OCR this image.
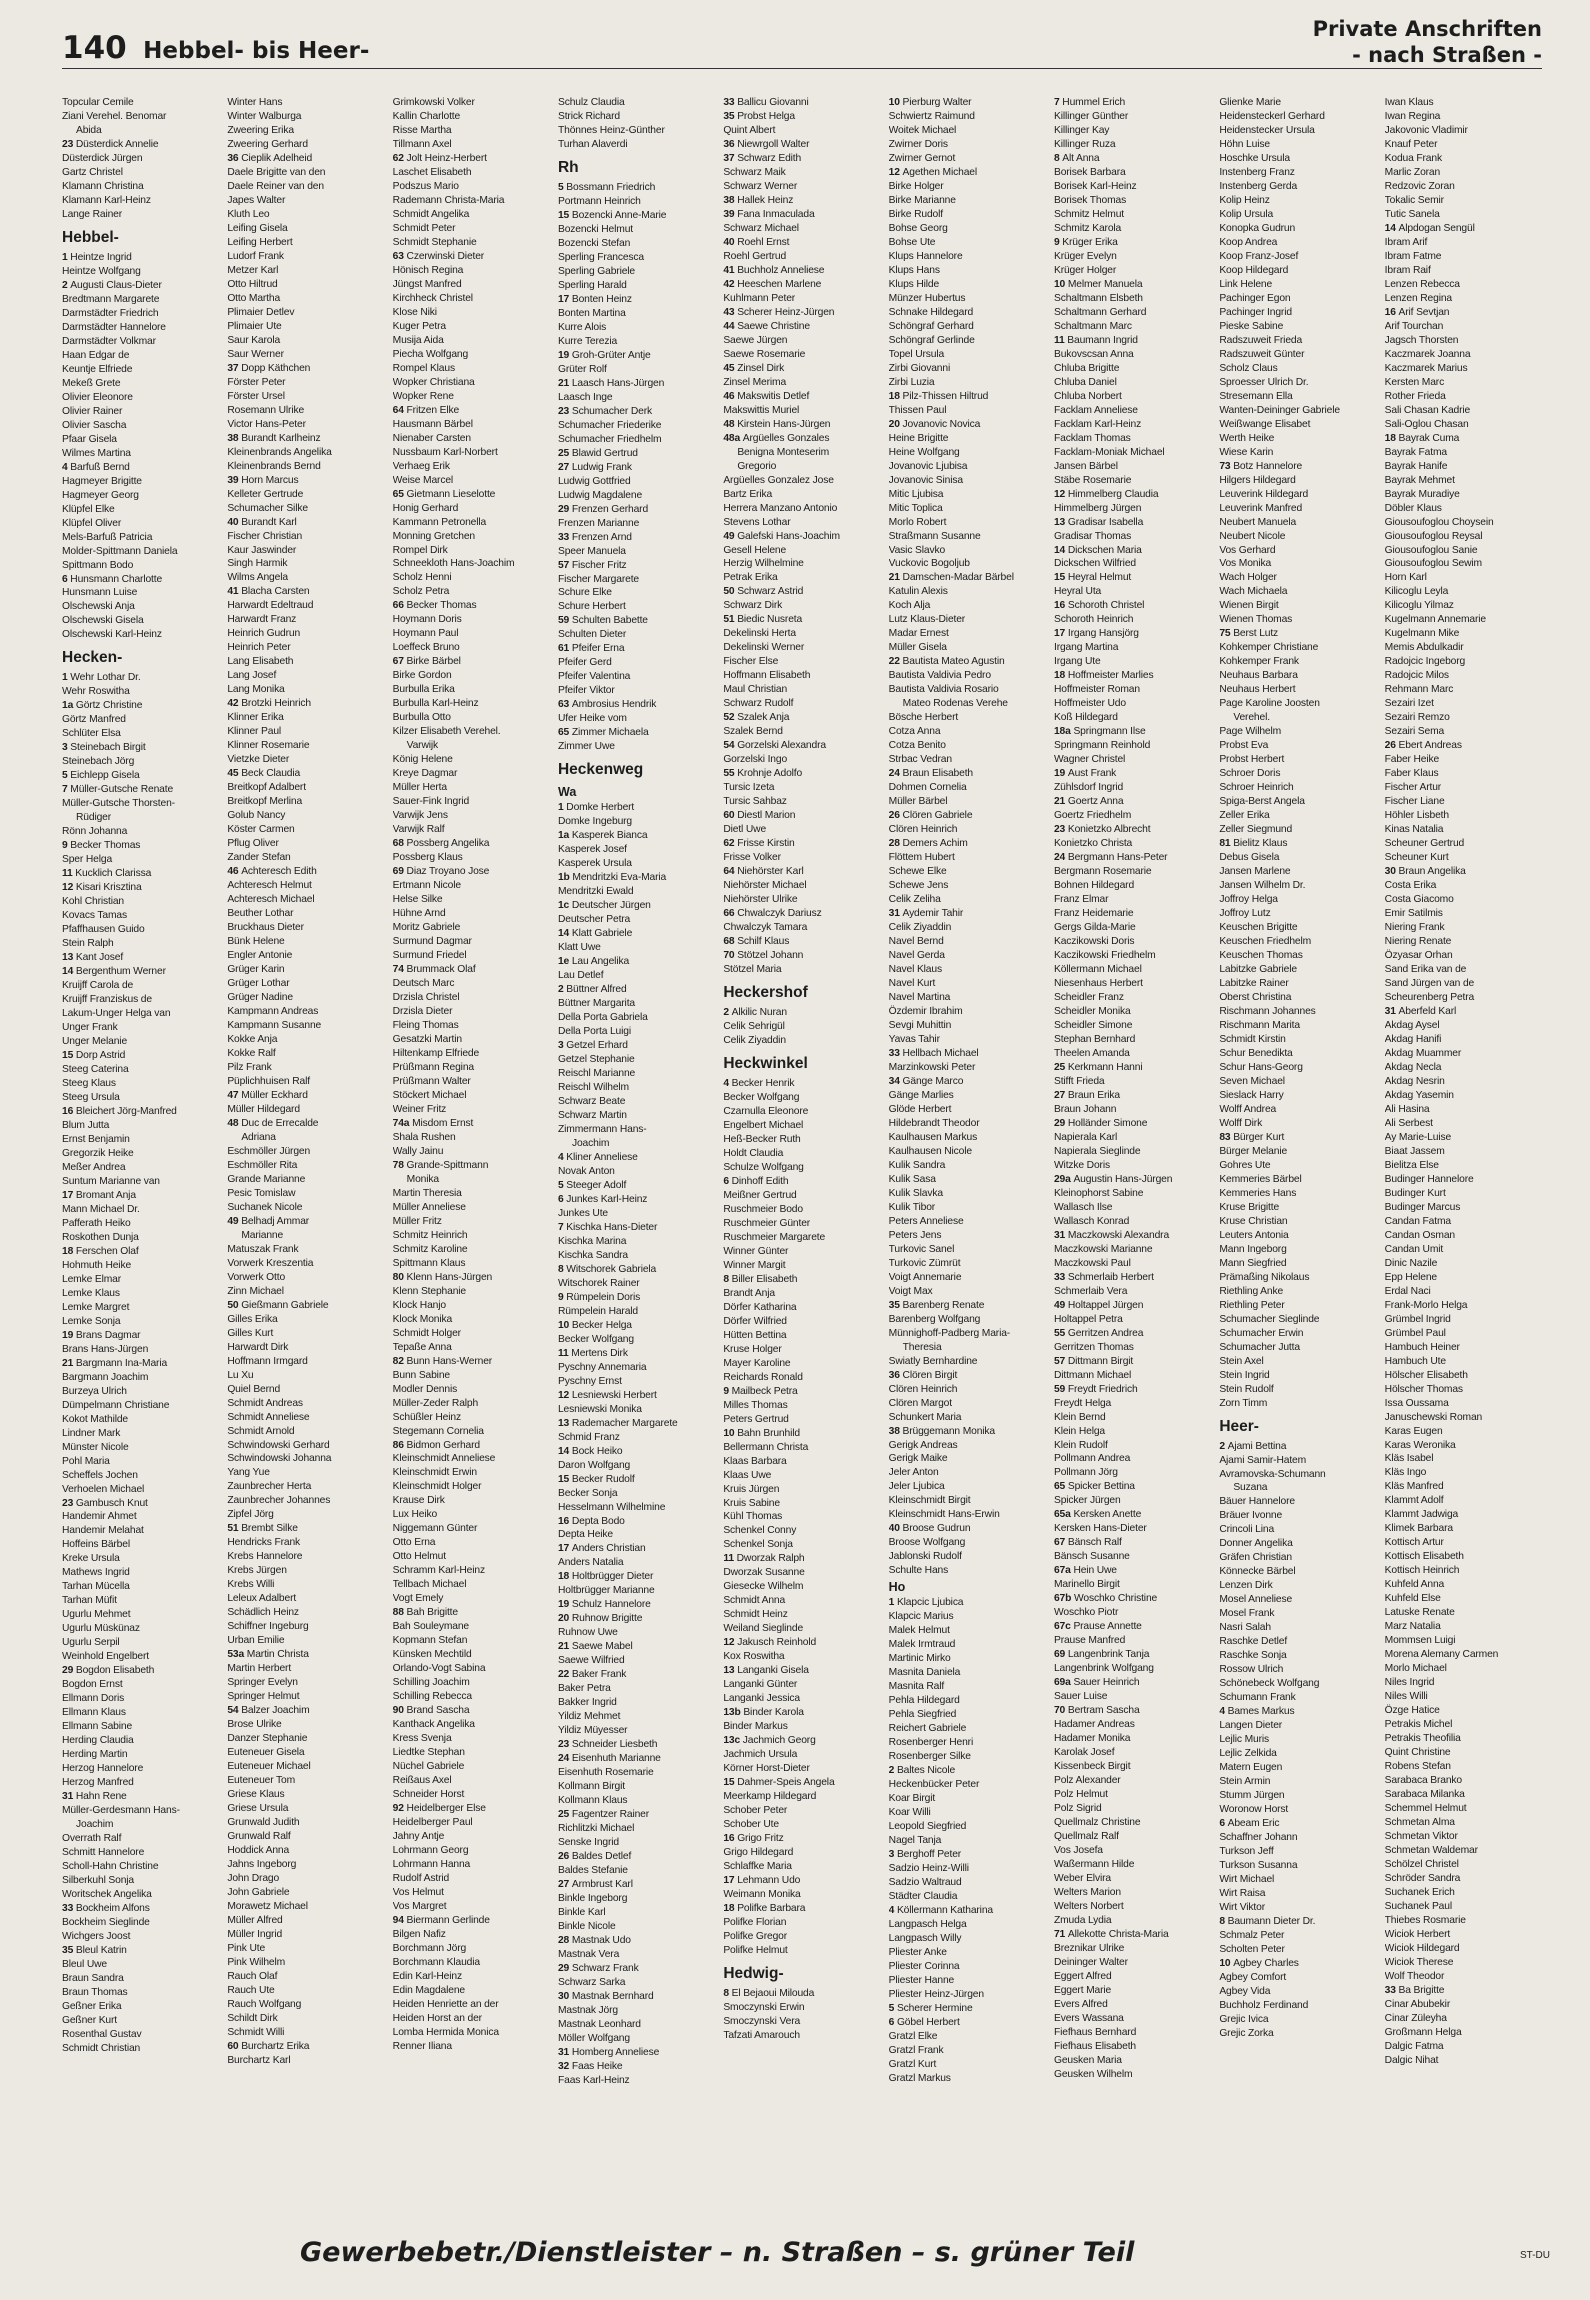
140 Hebbel- bis Heer-
Private Anschriften
- nach Straßen -
Topcular Cemile
Ziani Verehel. Benomar
Abida
23 Düsterdick Annelie
Düsterdick Jürgen
Gartz Christel
Klamann Christina
Klamann Karl-Heinz
Lange Rainer
Hebbel-
1 Heintze Ingrid
Heintze Wolfgang
2 Augusti Claus-Dieter
Bredtmann Margarete
Darmstädter Friedrich
Darmstädter Hannelore
Darmstädter Volkmar
Haan Edgar de
Keuntje Elfriede
Mekeß Grete
Olivier Eleonore
Olivier Rainer
Olivier Sascha
Pfaar Gisela
Wilmes Martina
4 Barfuß Bernd
Hagmeyer Brigitte
Hagmeyer Georg
Klüpfel Elke
Klüpfel Oliver
Mels-Barfuß Patricia
Molder-Spittmann Daniela
Spittmann Bodo
6 Hunsmann Charlotte
Hunsmann Luise
Olschewski Anja
Olschewski Gisela
Olschewski Karl-Heinz
Hecken-
1 Wehr Lothar Dr.
Wehr Roswitha
1a Görtz Christine
Görtz Manfred
Schlüter Elsa
3 Steinebach Birgit
Steinebach Jörg
5 Eichlepp Gisela
7 Müller-Gutsche Renate
Müller-Gutsche Thorsten-
Rüdiger
Rönn Johanna
9 Becker Thomas
Sper Helga
11 Kucklich Clarissa
12 Kisari Krisztina
Kohl Christian
Kovacs Tamas
Pfaffhausen Guido
Stein Ralph
13 Kant Josef
14 Bergenthum Werner
Kruijff Carola de
Kruijff Franziskus de
Lakum-Unger Helga van
Unger Frank
Unger Melanie
15 Dorp Astrid
Steeg Caterina
Steeg Klaus
Steeg Ursula
16 Bleichert Jörg-Manfred
Blum Jutta
Ernst Benjamin
Gregorzik Heike
Meßer Andrea
Suntum Marianne van
17 Bromant Anja
Mann Michael Dr.
Pafferath Heiko
Roskothen Dunja
18 Ferschen Olaf
Hohmuth Heike
Lemke Elmar
Lemke Klaus
Lemke Margret
Lemke Sonja
19 Brans Dagmar
Brans Hans-Jürgen
21 Bargmann Ina-Maria
Bargmann Joachim
Burzeya Ulrich
Dümpelmann Christiane
Kokot Mathilde
Lindner Mark
Münster Nicole
Pohl Maria
Scheffels Jochen
Verhoelen Michael
23 Gambusch Knut
Handemir Ahmet
Handemir Melahat
Hoffeins Bärbel
Kreke Ursula
Mathews Ingrid
Tarhan Mücella
Tarhan Müfit
Ugurlu Mehmet
Ugurlu Müskünaz
Ugurlu Serpil
Weinhold Engelbert
29 Bogdon Elisabeth
Bogdon Ernst
Ellmann Doris
Ellmann Klaus
Ellmann Sabine
Herding Claudia
Herding Martin
Herzog Hannelore
Herzog Manfred
31 Hahn Rene
Müller-Gerdesmann Hans-
Joachim
Overrath Ralf
Schmitt Hannelore
Scholl-Hahn Christine
Silberkuhl Sonja
Woritschek Angelika
33 Bockheim Alfons
Bockheim Sieglinde
Wichgers Joost
35 Bleul Katrin
Bleul Uwe
Braun Sandra
Braun Thomas
Geßner Erika
Geßner Kurt
Rosenthal Gustav
Schmidt Christian
Winter Hans
Winter Walburga
Zweering Erika
Zweering Gerhard
36 Cieplik Adelheid
Daele Brigitte van den
Daele Reiner van den
Japes Walter
Kluth Leo
Leifing Gisela
Leifing Herbert
Ludorf Frank
Metzer Karl
Otto Hiltrud
Otto Martha
Plimaier Detlev
Plimaier Ute
Saur Karola
Saur Werner
37 Dopp Käthchen
Förster Peter
Förster Ursel
Rosemann Ulrike
Victor Hans-Peter
38 Burandt Karlheinz
Kleinenbrands Angelika
Kleinenbrands Bernd
39 Horn Marcus
Kelleter Gertrude
Schumacher Silke
40 Burandt Karl
Fischer Christian
Kaur Jaswinder
Singh Harmik
Wilms Angela
41 Blacha Carsten
Harwardt Edeltraud
Harwardt Franz
Heinrich Gudrun
Heinrich Peter
Lang Elisabeth
Lang Josef
Lang Monika
42 Brotzki Heinrich
Klinner Erika
Klinner Paul
Klinner Rosemarie
Vietzke Dieter
45 Beck Claudia
Breitkopf Adalbert
Breitkopf Merlina
Golub Nancy
Köster Carmen
Pflug Oliver
Zander Stefan
46 Achteresch Edith
Achteresch Helmut
Achteresch Michael
Beuther Lothar
Bruckhaus Dieter
Bünk Helene
Engler Antonie
Grüger Karin
Grüger Lothar
Grüger Nadine
Kampmann Andreas
Kampmann Susanne
Kokke Anja
Kokke Ralf
Pilz Frank
Püplichhuisen Ralf
47 Müller Eckhard
Müller Hildegard
48 Duc de Errecalde
Adriana
Eschmöller Jürgen
Eschmöller Rita
Grande Marianne
Pesic Tomislaw
Suchanek Nicole
49 Belhadj Ammar
Marianne
Matuszak Frank
Vorwerk Kreszentia
Vorwerk Otto
Zinn Michael
50 Gießmann Gabriele
Gilles Erika
Gilles Kurt
Harwardt Dirk
Hoffmann Irmgard
Lu Xu
Quiel Bernd
Schmidt Andreas
Schmidt Anneliese
Schmidt Arnold
Schwindowski Gerhard
Schwindowski Johanna
Yang Yue
Zaunbrecher Herta
Zaunbrecher Johannes
Zipfel Jörg
51 Brembt Silke
Hendricks Frank
Krebs Hannelore
Krebs Jürgen
Krebs Willi
Leleux Adalbert
Schädlich Heinz
Schiffner Ingeburg
Urban Emilie
53a Martin Christa
Martin Herbert
Springer Evelyn
Springer Helmut
54 Balzer Joachim
Brose Ulrike
Danzer Stephanie
Euteneuer Gisela
Euteneuer Michael
Euteneuer Tom
Griese Klaus
Griese Ursula
Grunwald Judith
Grunwald Ralf
Hoddick Anna
Jahns Ingeborg
John Drago
John Gabriele
Morawetz Michael
Müller Alfred
Müller Ingrid
Pink Ute
Pink Wilhelm
Rauch Olaf
Rauch Ute
Rauch Wolfgang
Schildt Dirk
Schmidt Willi
60 Burchartz Erika
Burchartz Karl
Grimkowski Volker
Kallin Charlotte
Risse Martha
Tillmann Axel
62 Jolt Heinz-Herbert
Laschet Elisabeth
Podszus Mario
Rademann Christa-Maria
Schmidt Angelika
Schmidt Peter
Schmidt Stephanie
63 Czerwinski Dieter
Hönisch Regina
Jüngst Manfred
Kirchheck Christel
Klose Niki
Kuger Petra
Musija Aida
Piecha Wolfgang
Rompel Klaus
Wopker Christiana
Wopker Rene
64 Fritzen Elke
Hausmann Bärbel
Nienaber Carsten
Nussbaum Karl-Norbert
Verhaeg Erik
Weise Marcel
65 Gietmann Lieselotte
Honig Gerhard
Kammann Petronella
Monning Gretchen
Rompel Dirk
Schneekloth Hans-Joachim
Scholz Henni
Scholz Petra
66 Becker Thomas
Hoymann Doris
Hoymann Paul
Loeffeck Bruno
67 Birke Bärbel
Birke Gordon
Burbulla Erika
Burbulla Karl-Heinz
Burbulla Otto
Kilzer Elisabeth Verehel.
Varwijk
König Helene
Kreye Dagmar
Müller Herta
Sauer-Fink Ingrid
Varwijk Jens
Varwijk Ralf
68 Possberg Angelika
Possberg Klaus
69 Diaz Troyano Jose
Ertmann Nicole
Helse Silke
Hühne Arnd
Moritz Gabriele
Surmund Dagmar
Surmund Friedel
74 Brummack Olaf
Deutsch Marc
Drzisla Christel
Drzisla Dieter
Fleing Thomas
Gesatzki Martin
Hiltenkamp Elfriede
Prüßmann Regina
Prüßmann Walter
Stöckert Michael
Weiner Fritz
74a Misdom Ernst
Shala Rushen
Wally Jainu
78 Grande-Spittmann
Monika
Martin Theresia
Müller Anneliese
Müller Fritz
Schmitz Heinrich
Schmitz Karoline
Spittmann Klaus
80 Klenn Hans-Jürgen
Klenn Stephanie
Klock Hanjo
Klock Monika
Schmidt Holger
Tepaße Anna
82 Bunn Hans-Werner
Bunn Sabine
Modler Dennis
Müller-Zeder Ralph
Schüßler Heinz
Stegemann Cornelia
86 Bidmon Gerhard
Kleinschmidt Anneliese
Kleinschmidt Erwin
Kleinschmidt Holger
Krause Dirk
Lux Heiko
Niggemann Günter
Otto Erna
Otto Helmut
Schramm Karl-Heinz
Tellbach Michael
Vogt Emely
88 Bah Brigitte
Bah Souleymane
Kopmann Stefan
Künsken Mechtild
Orlando-Vogt Sabina
Schilling Joachim
Schilling Rebecca
90 Brand Sascha
Kanthack Angelika
Kress Svenja
Liedtke Stephan
Nüchel Gabriele
Reißaus Axel
Schneider Horst
92 Heidelberger Else
Heidelberger Paul
Jahny Antje
Lohrmann Georg
Lohrmann Hanna
Rudolf Astrid
Vos Helmut
Vos Margret
94 Biermann Gerlinde
Bilgen Nafiz
Borchmann Jörg
Borchmann Klaudia
Edin Karl-Heinz
Edin Magdalene
Heiden Henriette an der
Heiden Horst an der
Lomba Hermida Monica
Renner Iliana
Schulz Claudia
Strick Richard
Thönnes Heinz-Günther
Turhan Alaverdi
Rh
5 Bossmann Friedrich
Portmann Heinrich
15 Bozencki Anne-Marie
Bozencki Helmut
Bozencki Stefan
Sperling Francesca
Sperling Gabriele
Sperling Harald
17 Bonten Heinz
Bonten Martina
Kurre Alois
Kurre Terezia
19 Groh-Grüter Antje
Grüter Rolf
21 Laasch Hans-Jürgen
Laasch Inge
23 Schumacher Derk
Schumacher Friederike
Schumacher Friedhelm
25 Blawid Gertrud
27 Ludwig Frank
Ludwig Gottfried
Ludwig Magdalene
29 Frenzen Gerhard
Frenzen Marianne
33 Frenzen Arnd
Speer Manuela
57 Fischer Fritz
Fischer Margarete
Schure Elke
Schure Herbert
59 Schulten Babette
Schulten Dieter
61 Pfeifer Erna
Pfeifer Gerd
Pfeifer Valentina
Pfeifer Viktor
63 Ambrosius Hendrik
Ufer Heike vom
65 Zimmer Michaela
Zimmer Uwe
Heckenweg
Wa
1 Domke Herbert
Domke Ingeburg
1a Kasperek Bianca
Kasperek Josef
Kasperek Ursula
1b Mendritzki Eva-Maria
Mendritzki Ewald
1c Deutscher Jürgen
Deutscher Petra
14 Klatt Gabriele
Klatt Uwe
1e Lau Angelika
Lau Detlef
2 Büttner Alfred
Büttner Margarita
Della Porta Gabriela
Della Porta Luigi
3 Getzel Erhard
Getzel Stephanie
Reischl Marianne
Reischl Wilhelm
Schwarz Beate
Schwarz Martin
Zimmermann Hans-
Joachim
4 Kliner Anneliese
Novak Anton
5 Steeger Adolf
6 Junkes Karl-Heinz
Junkes Ute
7 Kischka Hans-Dieter
Kischka Marina
Kischka Sandra
8 Witschorek Gabriela
Witschorek Rainer
9 Rümpelein Doris
Rümpelein Harald
10 Becker Helga
Becker Wolfgang
11 Mertens Dirk
Pyschny Annemaria
Pyschny Ernst
12 Lesniewski Herbert
Lesniewski Monika
13 Rademacher Margarete
Schmid Franz
14 Bock Heiko
Daron Wolfgang
15 Becker Rudolf
Becker Sonja
Hesselmann Wilhelmine
16 Depta Bodo
Depta Heike
17 Anders Christian
Anders Natalia
18 Holtbrügger Dieter
Holtbrügger Marianne
19 Schulz Hannelore
20 Ruhnow Brigitte
Ruhnow Uwe
21 Saewe Mabel
Saewe Wilfried
22 Baker Frank
Baker Petra
Bakker Ingrid
Yildiz Mehmet
Yildiz Müyesser
23 Schneider Liesbeth
24 Eisenhuth Marianne
Eisenhuth Rosemarie
Kollmann Birgit
Kollmann Klaus
25 Fagentzer Rainer
Richlitzki Michael
Senske Ingrid
26 Baldes Detlef
Baldes Stefanie
27 Armbrust Karl
Binkle Ingeborg
Binkle Karl
Binkle Nicole
28 Mastnak Udo
Mastnak Vera
29 Schwarz Frank
Schwarz Sarka
30 Mastnak Bernhard
Mastnak Jörg
Mastnak Leonhard
Möller Wolfgang
31 Homberg Anneliese
32 Faas Heike
Faas Karl-Heinz
33 Ballicu Giovanni
35 Probst Helga
Quint Albert
36 Niewrgoll Walter
37 Schwarz Edith
Schwarz Maik
Schwarz Werner
38 Hallek Heinz
39 Fana Inmaculada
Schwarz Michael
40 Roehl Ernst
Roehl Gertrud
41 Buchholz Anneliese
42 Heeschen Marlene
Kuhlmann Peter
43 Scherer Heinz-Jürgen
44 Saewe Christine
Saewe Jürgen
Saewe Rosemarie
45 Zinsel Dirk
Zinsel Merima
46 Makswitis Detlef
Makswittis Muriel
48 Kirstein Hans-Jürgen
48a Argüelles Gonzales
Benigna Monteserim
Gregorio
Argüelles Gonzalez Jose
Bartz Erika
Herrera Manzano Antonio
Stevens Lothar
49 Galefski Hans-Joachim
Gesell Helene
Herzig Wilhelmine
Petrak Erika
50 Schwarz Astrid
Schwarz Dirk
51 Biedic Nusreta
Dekelinski Herta
Dekelinski Werner
Fischer Else
Hoffmann Elisabeth
Maul Christian
Schwarz Rudolf
52 Szalek Anja
Szalek Bernd
54 Gorzelski Alexandra
Gorzelski Ingo
55 Krohnje Adolfo
Tursic Izeta
Tursic Sahbaz
60 Diestl Marion
Dietl Uwe
62 Frisse Kirstin
Frisse Volker
64 Niehörster Karl
Niehörster Michael
Niehörster Ulrike
66 Chwalczyk Dariusz
Chwalczyk Tamara
68 Schilf Klaus
70 Stötzel Johann
Stötzel Maria
Heckershof
2 Alkilic Nuran
Celik Sehrigül
Celik Ziyaddin
Heckwinkel
4 Becker Henrik
Becker Wolfgang
Czarnulla Eleonore
Engelbert Michael
Heß-Becker Ruth
Holdt Claudia
Schulze Wolfgang
6 Dinhoff Edith
Meißner Gertrud
Ruschmeier Bodo
Ruschmeier Günter
Ruschmeier Margarete
Winner Günter
Winner Margit
8 Biller Elisabeth
Brandt Anja
Dörfer Katharina
Dörfer Wilfried
Hütten Bettina
Kruse Holger
Mayer Karoline
Reichards Ronald
9 Mailbeck Petra
Milles Thomas
Peters Gertrud
10 Bahn Brunhild
Bellermann Christa
Klaas Barbara
Klaas Uwe
Kruis Jürgen
Kruis Sabine
Kühl Thomas
Schenkel Conny
Schenkel Sonja
11 Dworzak Ralph
Dworzak Susanne
Giesecke Wilhelm
Schmidt Anna
Schmidt Heinz
Weiland Sieglinde
12 Jakusch Reinhold
Kox Roswitha
13 Langanki Gisela
Langanki Günter
Langanki Jessica
13b Binder Karola
Binder Markus
13c Jachmich Georg
Jachmich Ursula
Körner Horst-Dieter
15 Dahmer-Speis Angela
Meerkamp Hildegard
Schober Peter
Schober Ute
16 Grigo Fritz
Grigo Hildegard
Schlaffke Maria
17 Lehmann Udo
Weimann Monika
18 Polifke Barbara
Polifke Florian
Polifke Gregor
Polifke Helmut
Hedwig-
8 El Bejaoui Milouda
Smoczynski Erwin
Smoczynski Vera
Tafzati Amarouch
10 Pierburg Walter
Schwiertz Raimund
Woitek Michael
Zwirner Doris
Zwirner Gernot
12 Agethen Michael
Birke Holger
Birke Marianne
Birke Rudolf
Bohse Georg
Bohse Ute
Klups Hannelore
Klups Hans
Klups Hilde
Münzer Hubertus
Schnake Hildegard
Schöngraf Gerhard
Schöngraf Gerlinde
Topel Ursula
Zirbi Giovanni
Zirbi Luzia
18 Pilz-Thissen Hiltrud
Thissen Paul
20 Jovanovic Novica
Heine Brigitte
Heine Wolfgang
Jovanovic Ljubisa
Jovanovic Sinisa
Mitic Ljubisa
Mitic Toplica
Morlo Robert
Straßmann Susanne
Vasic Slavko
Vuckovic Bogoljub
21 Damschen-Madar Bärbel
Katulin Alexis
Koch Alja
Lutz Klaus-Dieter
Madar Ernest
Müller Gisela
22 Bautista Mateo Agustin
Bautista Valdivia Pedro
Bautista Valdivia Rosario
Mateo Rodenas Verehe
Bösche Herbert
Cotza Anna
Cotza Benito
Strbac Vedran
24 Braun Elisabeth
Dohmen Cornelia
Müller Bärbel
26 Clören Gabriele
Clören Heinrich
28 Demers Achim
Flöttem Hubert
Schewe Elke
Schewe Jens
Celik Zeliha
31 Aydemir Tahir
Celik Ziyaddin
Navel Bernd
Navel Gerda
Navel Klaus
Navel Kurt
Navel Martina
Özdemir Ibrahim
Sevgi Muhittin
Yavas Tahir
33 Hellbach Michael
Marzinkowski Peter
34 Gänge Marco
Gänge Marlies
Glöde Herbert
Hildebrandt Theodor
Kaulhausen Markus
Kaulhausen Nicole
Kulik Sandra
Kulik Sasa
Kulik Slavka
Kulik Tibor
Peters Anneliese
Peters Jens
Turkovic Sanel
Turkovic Zümrüt
Voigt Annemarie
Voigt Max
35 Barenberg Renate
Barenberg Wolfgang
Münnighoff-Padberg Maria-
Theresia
Swiatly Bernhardine
36 Clören Birgit
Clören Heinrich
Clören Margot
Schunkert Maria
38 Brüggemann Monika
Gerigk Andreas
Gerigk Maike
Jeler Anton
Jeler Ljubica
Kleinschmidt Birgit
Kleinschmidt Hans-Erwin
40 Broose Gudrun
Broose Wolfgang
Jablonski Rudolf
Schulte Hans
Ho
1 Klapcic Ljubica
Klapcic Marius
Malek Helmut
Malek Irmtraud
Martinic Mirko
Masnita Daniela
Masnita Ralf
Pehla Hildegard
Pehla Siegfried
Reichert Gabriele
Rosenberger Henri
Rosenberger Silke
2 Baltes Nicole
Heckenbücker Peter
Koar Birgit
Koar Willi
Leopold Siegfried
Nagel Tanja
3 Berghoff Peter
Sadzio Heinz-Willi
Sadzio Waltraud
Städter Claudia
4 Köllermann Katharina
Langpasch Helga
Langpasch Willy
Pliester Anke
Pliester Corinna
Pliester Hanne
Pliester Heinz-Jürgen
5 Scherer Hermine
6 Göbel Herbert
Gratzl Elke
Gratzl Frank
Gratzl Kurt
Gratzl Markus
7 Hummel Erich
Killinger Günther
Killinger Kay
Killinger Ruza
8 Alt Anna
Borisek Barbara
Borisek Karl-Heinz
Borisek Thomas
Schmitz Helmut
Schmitz Karola
9 Krüger Erika
Krüger Evelyn
Krüger Holger
10 Melmer Manuela
Schaltmann Elsbeth
Schaltmann Gerhard
Schaltmann Marc
11 Baumann Ingrid
Bukovscsan Anna
Chluba Brigitte
Chluba Daniel
Chluba Norbert
Facklam Anneliese
Facklam Karl-Heinz
Facklam Thomas
Facklam-Moniak Michael
Jansen Bärbel
Stäbe Rosemarie
12 Himmelberg Claudia
Himmelberg Jürgen
13 Gradisar Isabella
Gradisar Thomas
14 Dickschen Maria
Dickschen Wilfried
15 Heyral Helmut
Heyral Uta
16 Schoroth Christel
Schoroth Heinrich
17 Irgang Hansjörg
Irgang Martina
Irgang Ute
18 Hoffmeister Marlies
Hoffmeister Roman
Hoffmeister Udo
Koß Hildegard
18a Springmann Ilse
Springmann Reinhold
Wagner Christel
19 Aust Frank
Zühlsdorf Ingrid
21 Goertz Anna
Goertz Friedhelm
23 Konietzko Albrecht
Konietzko Christa
24 Bergmann Hans-Peter
Bergmann Rosemarie
Bohnen Hildegard
Franz Elmar
Franz Heidemarie
Gergs Gilda-Marie
Kaczikowski Doris
Kaczikowski Friedhelm
Köllermann Michael
Niesenhaus Herbert
Scheidler Franz
Scheidler Monika
Scheidler Simone
Stephan Bernhard
Theelen Amanda
25 Kerkmann Hanni
Stifft Frieda
27 Braun Erika
Braun Johann
29 Holländer Simone
Napierala Karl
Napierala Sieglinde
Witzke Doris
29a Augustin Hans-Jürgen
Kleinophorst Sabine
Wallasch Ilse
Wallasch Konrad
31 Maczkowski Alexandra
Maczkowski Marianne
Maczkowski Paul
33 Schmerlaib Herbert
Schmerlaib Vera
49 Holtappel Jürgen
Holtappel Petra
55 Gerritzen Andrea
Gerritzen Thomas
57 Dittmann Birgit
Dittmann Michael
59 Freydt Friedrich
Freydt Helga
Klein Bernd
Klein Helga
Klein Rudolf
Pollmann Andrea
Pollmann Jörg
65 Spicker Bettina
Spicker Jürgen
65a Kersken Anette
Kersken Hans-Dieter
67 Bänsch Ralf
Bänsch Susanne
67a Hein Uwe
Marinello Birgit
67b Woschko Christine
Woschko Piotr
67c Prause Annette
Prause Manfred
69 Langenbrink Tanja
Langenbrink Wolfgang
69a Sauer Heinrich
Sauer Luise
70 Bertram Sascha
Hadamer Andreas
Hadamer Monika
Karolak Josef
Kissenbeck Birgit
Polz Alexander
Polz Helmut
Polz Sigrid
Quellmalz Christine
Quellmalz Ralf
Vos Josefa
Waßermann Hilde
Weber Elvira
Welters Marion
Welters Norbert
Zmuda Lydia
71 Allekotte Christa-Maria
Breznikar Ulrike
Deininger Walter
Eggert Alfred
Eggert Marie
Evers Alfred
Evers Wassana
Fiefhaus Bernhard
Fiefhaus Elisabeth
Geusken Maria
Geusken Wilhelm
Glienke Marie
Heidensteckerl Gerhard
Heidenstecker Ursula
Höhn Luise
Hoschke Ursula
Instenberg Franz
Instenberg Gerda
Kolip Heinz
Kolip Ursula
Konopka Gudrun
Koop Andrea
Koop Franz-Josef
Koop Hildegard
Link Helene
Pachinger Egon
Pachinger Ingrid
Pieske Sabine
Radszuweit Frieda
Radszuweit Günter
Scholz Claus
Sproesser Ulrich Dr.
Stresemann Ella
Wanten-Deininger Gabriele
Weißwange Elisabet
Werth Heike
Wiese Karin
73 Botz Hannelore
Hilgers Hildegard
Leuverink Hildegard
Leuverink Manfred
Neubert Manuela
Neubert Nicole
Vos Gerhard
Vos Monika
Wach Holger
Wach Michaela
Wienen Birgit
Wienen Thomas
75 Berst Lutz
Kohkemper Christiane
Kohkemper Frank
Neuhaus Barbara
Neuhaus Herbert
Page Karoline Joosten
Verehel.
Page Wilhelm
Probst Eva
Probst Herbert
Schroer Doris
Schroer Heinrich
Spiga-Berst Angela
Zeller Erika
Zeller Siegmund
81 Bielitz Klaus
Debus Gisela
Jansen Marlene
Jansen Wilhelm Dr.
Joffroy Helga
Joffroy Lutz
Keuschen Brigitte
Keuschen Friedhelm
Keuschen Thomas
Labitzke Gabriele
Labitzke Rainer
Oberst Christina
Rischmann Johannes
Rischmann Marita
Schmidt Kirstin
Schur Benedikta
Schur Hans-Georg
Seven Michael
Sieslack Harry
Wolff Andrea
Wolff Dirk
83 Bürger Kurt
Bürger Melanie
Gohres Ute
Kemmeries Bärbel
Kemmeries Hans
Kruse Brigitte
Kruse Christian
Leuters Antonia
Mann Ingeborg
Mann Siegfried
Prämaßing Nikolaus
Riethling Anke
Riethling Peter
Schumacher Sieglinde
Schumacher Erwin
Schumacher Jutta
Stein Axel
Stein Ingrid
Stein Rudolf
Zorn Timm
Heer-
2 Ajami Bettina
Ajami Samir-Hatem
Avramovska-Schumann
Suzana
Bäuer Hannelore
Bräuer Ivonne
Crincoli Lina
Donner Angelika
Gräfen Christian
Könnecke Bärbel
Lenzen Dirk
Mosel Anneliese
Mosel Frank
Nasri Salah
Raschke Detlef
Raschke Sonja
Rossow Ulrich
Schönebeck Wolfgang
Schumann Frank
4 Bames Markus
Langen Dieter
Lejlic Muris
Lejlic Zelkida
Matern Eugen
Stein Armin
Stumm Jürgen
Woronow Horst
6 Abeam Eric
Schaffner Johann
Turkson Jeff
Turkson Susanna
Wirt Michael
Wirt Raisa
Wirt Viktor
8 Baumann Dieter Dr.
Schmalz Peter
Scholten Peter
10 Agbey Charles
Agbey Comfort
Agbey Vida
Buchholz Ferdinand
Grejic Ivica
Grejic Zorka
Iwan Klaus
Iwan Regina
Jakovonic Vladimir
Knauf Peter
Kodua Frank
Marlic Zoran
Redzovic Zoran
Tokalic Semir
Tutic Sanela
14 Alpdogan Sengül
Ibram Arif
Ibram Fatme
Ibram Raif
Lenzen Rebecca
Lenzen Regina
16 Arif Sevtjan
Arif Tourchan
Jagsch Thorsten
Kaczmarek Joanna
Kaczmarek Marius
Kersten Marc
Rother Frieda
Sali Chasan Kadrie
Sali-Oglou Chasan
18 Bayrak Cuma
Bayrak Fatma
Bayrak Hanife
Bayrak Mehmet
Bayrak Muradiye
Döbler Klaus
Giousoufoglou Choysein
Giousoufoglou Reysal
Giousoufoglou Sanie
Giousoufoglou Sewim
Horn Karl
Kilicoglu Leyla
Kilicoglu Yilmaz
Kugelmann Annemarie
Kugelmann Mike
Memis Abdulkadir
Radojcic Ingeborg
Radojcic Milos
Rehmann Marc
Sezairi Izet
Sezairi Remzo
Sezairi Sema
26 Ebert Andreas
Faber Heike
Faber Klaus
Fischer Artur
Fischer Liane
Höhler Lisbeth
Kinas Natalia
Scheuner Gertrud
Scheuner Kurt
30 Braun Angelika
Costa Erika
Costa Giacomo
Emir Satilmis
Niering Frank
Niering Renate
Özyasar Orhan
Sand Erika van de
Sand Jürgen van de
Scheurenberg Petra
31 Aberfeld Karl
Akdag Aysel
Akdag Hanifi
Akdag Muammer
Akdag Necla
Akdag Nesrin
Akdag Yasemin
Ali Hasina
Ali Serbest
Ay Marie-Luise
Biaat Jassem
Bielitza Else
Budinger Hannelore
Budinger Kurt
Budinger Marcus
Candan Fatma
Candan Osman
Candan Umit
Dinic Nazile
Epp Helene
Erdal Naci
Frank-Morlo Helga
Grümbel Ingrid
Grümbel Paul
Hambuch Heiner
Hambuch Ute
Hölscher Elisabeth
Hölscher Thomas
Issa Oussama
Januschewski Roman
Karas Eugen
Karas Weronika
Kläs Isabel
Kläs Ingo
Kläs Manfred
Klammt Adolf
Klammt Jadwiga
Klimek Barbara
Kottisch Artur
Kottisch Elisabeth
Kottisch Heinrich
Kuhfeld Anna
Kuhfeld Else
Latuske Renate
Marz Natalia
Mommsen Luigi
Morena Alemany Carmen
Morlo Michael
Niles Ingrid
Niles Willi
Özge Hatice
Petrakis Michel
Petrakis Theofilia
Quint Christine
Robens Stefan
Sarabaca Branko
Sarabaca Milanka
Schemmel Helmut
Schmetan Alma
Schmetan Viktor
Schmetan Waldemar
Schölzel Christel
Schröder Sandra
Suchanek Erich
Suchanek Paul
Thiebes Rosmarie
Wiciok Herbert
Wiciok Hildegard
Wiciok Therese
Wolf Theodor
33 Ba Brigitte
Cinar Abubekir
Cinar Züleyha
Großmann Helga
Dalgic Fatma
Dalgic Nihat
Gewerbebetr./Dienstleister – n. Straßen – s. grüner Teil	ST-DU
